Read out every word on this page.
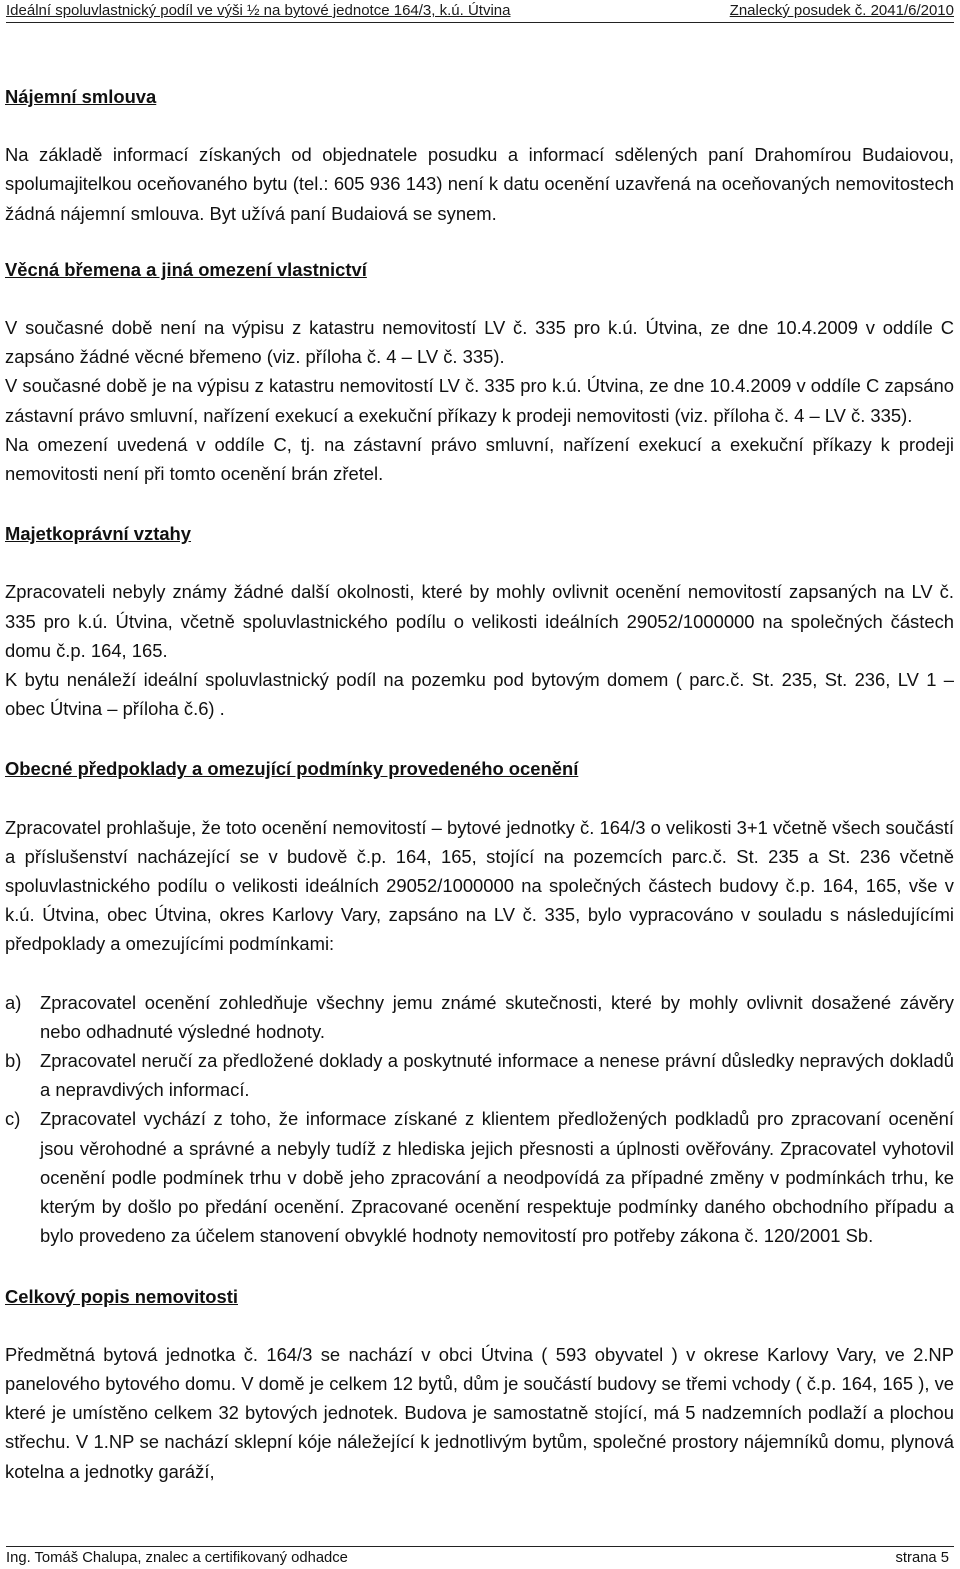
Ideální spoluvlastnický podíl ve výši ½ na bytové jednotce 164/3, k.ú. Útvina	Znalecký posudek č. 2041/6/2010
Nájemní smlouva

Na základě informací získaných od objednatele posudku a informací sdělených paní Drahomírou Budaiovou, spolumajitelkou oceňovaného bytu (tel.: 605 936 143) není k datu ocenění uzavřená na oceňovaných nemovitostech žádná nájemní smlouva. Byt užívá paní Budaiová se synem.

Věcná břemena a jiná omezení vlastnictví

V současné době není na výpisu z katastru nemovitostí LV č. 335 pro k.ú. Útvina, ze dne 10.4.2009 v oddíle C zapsáno žádné věcné břemeno (viz. příloha č. 4 – LV č. 335).

V současné době je na výpisu z katastru nemovitostí LV č. 335 pro k.ú. Útvina, ze dne 10.4.2009 v oddíle C zapsáno zástavní právo smluvní, nařízení exekucí a exekuční příkazy k prodeji nemovitosti (viz. příloha č. 4 – LV č. 335).

Na omezení uvedená v oddíle C, tj. na zástavní právo smluvní, nařízení exekucí a exekuční příkazy k prodeji nemovitosti není při tomto ocenění brán zřetel.

Majetkoprávní vztahy

Zpracovateli nebyly známy žádné další okolnosti, které by mohly ovlivnit ocenění nemovitostí zapsaných na LV č. 335 pro k.ú. Útvina, včetně spoluvlastnického podílu o velikosti ideálních 29052/1000000 na společných částech domu č.p. 164, 165.

K bytu nenáleží ideální spoluvlastnický podíl na pozemku pod bytovým domem ( parc.č. St. 235, St. 236, LV 1 – obec Útvina – příloha č.6) .

Obecné předpoklady a omezující podmínky provedeného ocenění

Zpracovatel prohlašuje, že toto ocenění nemovitostí – bytové jednotky č. 164/3 o velikosti 3+1 včetně všech součástí a příslušenství nacházející se v budově č.p. 164, 165, stojící na pozemcích parc.č. St. 235 a St. 236 včetně spoluvlastnického podílu o velikosti ideálních 29052/1000000 na společných částech budovy č.p. 164, 165, vše v k.ú. Útvina, obec Útvina, okres Karlovy Vary, zapsáno na LV č. 335, bylo vypracováno v souladu s následujícími předpoklady a omezujícími podmínkami:

a) Zpracovatel ocenění zohledňuje všechny jemu známé skutečnosti, které by mohly ovlivnit dosažené závěry nebo odhadnuté výsledné hodnoty.
b) Zpracovatel neručí za předložené doklady a poskytnuté informace a nenese právní důsledky nepravých dokladů a nepravdivých informací.
c) Zpracovatel vychází z toho, že informace získané z klientem předložených podkladů pro zpracovaní ocenění jsou věrohodné a správné a nebyly tudíž z hlediska jejich přesnosti a úplnosti ověřovány. Zpracovatel vyhotovil ocenění podle podmínek trhu v době jeho zpracování a neodpovídá za případné změny v podmínkách trhu, ke kterým by došlo po předání ocenění. Zpracované ocenění respektuje podmínky daného obchodního případu a bylo provedeno za účelem stanovení obvyklé hodnoty nemovitostí pro potřeby zákona č. 120/2001 Sb.
Celkový popis nemovitosti

Předmětná bytová jednotka č. 164/3 se nachází v obci Útvina ( 593 obyvatel ) v okrese Karlovy Vary, ve 2.NP panelového bytového domu. V domě je celkem 12 bytů, dům je součástí budovy se třemi vchody ( č.p. 164, 165 ), ve které je umístěno celkem 32 bytových jednotek. Budova je samostatně stojící, má 5 nadzemních podlaží a plochou střechu. V 1.NP se nachází sklepní kóje náležející k jednotlivým bytům, společné prostory nájemníků domu, plynová kotelna a jednotky garáží,

Ing. Tomáš Chalupa, znalec a certifikovaný odhadce	strana 5
